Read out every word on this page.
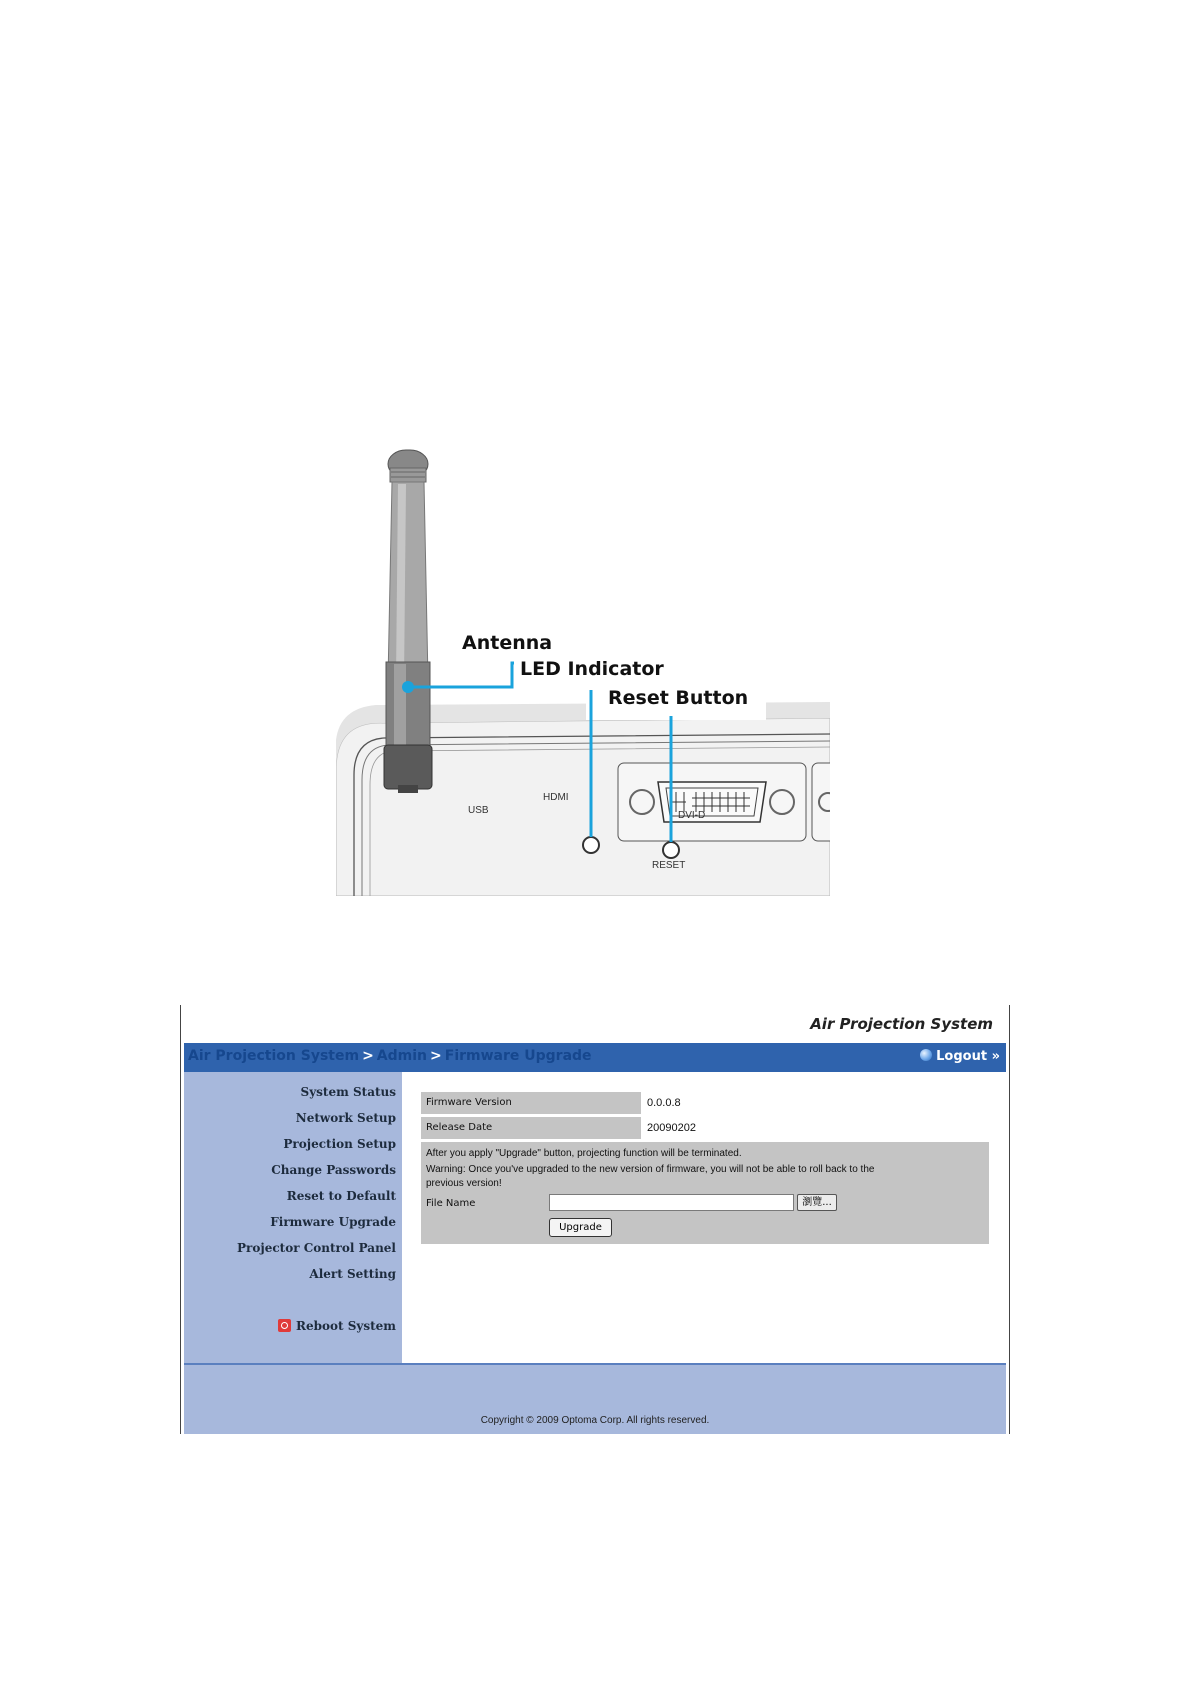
Antenna
LED Indicator
Reset Button
USB
HDMI
DVI-D
RESET
Air Projection System
Air Projection System > Admin > Firmware Upgrade	Logout »
System Status
Network Setup
Projection Setup
Change Passwords
Reset to Default
Firmware Upgrade
Projector Control Panel
Alert Setting
Reboot System
Firmware Version	0.0.0.8
Release Date	20090202
After you apply "Upgrade" button, projecting function will be terminated.
Warning: Once you've upgraded to the new version of firmware, you will not be able to roll back to the
previous version!
File Name	瀏覽...
Upgrade
Copyright © 2009 Optoma Corp. All rights reserved.
